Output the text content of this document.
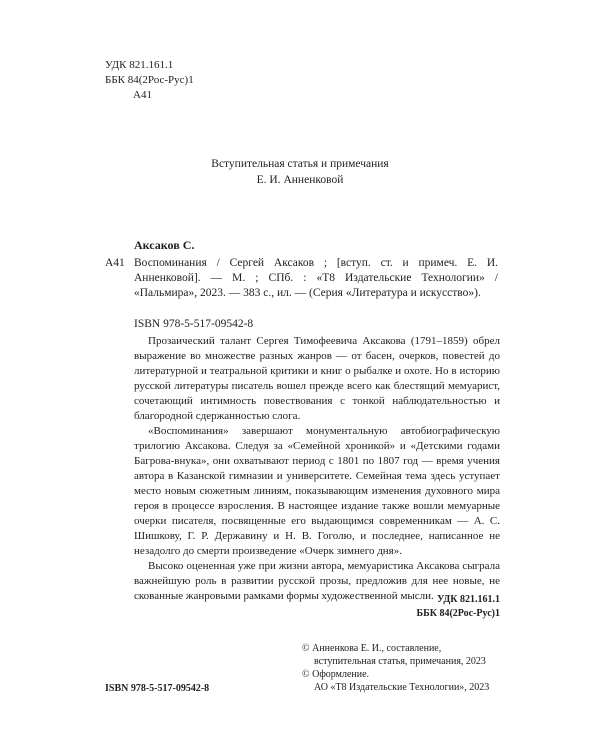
УДК 821.161.1
ББК 84(2Рос-Рус)1
А41
Вступительная статья и примечания
Е. И. Анненковой
Аксаков С.
А41 Воспоминания / Сергей Аксаков ; [вступ. ст. и примеч. Е. И. Анненковой]. — М. ; СПб. : «Т8 Издательские Технологии» / «Пальмира», 2023. — 383 с., ил. — (Серия «Литература и искусство»).
ISBN 978-5-517-09542-8

Прозаический талант Сергея Тимофеевича Аксакова (1791–1859) обрел выражение во множестве разных жанров — от басен, очерков, повестей до литературной и театральной критики и книг о рыбалке и охоте. Но в историю русской литературы писатель вошел прежде всего как блестящий мемуарист, сочетающий интимность повествования с тонкой наблюдательностью и благородной сдержанностью слога.

«Воспоминания» завершают монументальную автобиографическую трилогию Аксакова. Следуя за «Семейной хроникой» и «Детскими годами Багрова-внука», они охватывают период с 1801 по 1807 год — время учения автора в Казанской гимназии и университете. Семейная тема здесь уступает место новым сюжетным линиям, показывающим изменения духовного мира героя в процессе взросления. В настоящее издание также вошли мемуарные очерки писателя, посвященные его выдающимся современникам — А. С. Шишкову, Г. Р. Державину и Н. В. Гоголю, и последнее, написанное не незадолго до смерти произведение «Очерк зимнего дня».

Высоко оцененная уже при жизни автора, мемуаристика Аксакова сыграла важнейшую роль в развитии русской прозы, предложив для нее новые, не скованные жанровыми рамками формы художественной мысли. УДК 821.161.1
ББК 84(2Рос-Рус)1
© Анненкова Е. И., составление,
вступительная статья, примечания, 2023
© Оформление.
АО «Т8 Издательские Технологии», 2023
ISBN 978-5-517-09542-8
